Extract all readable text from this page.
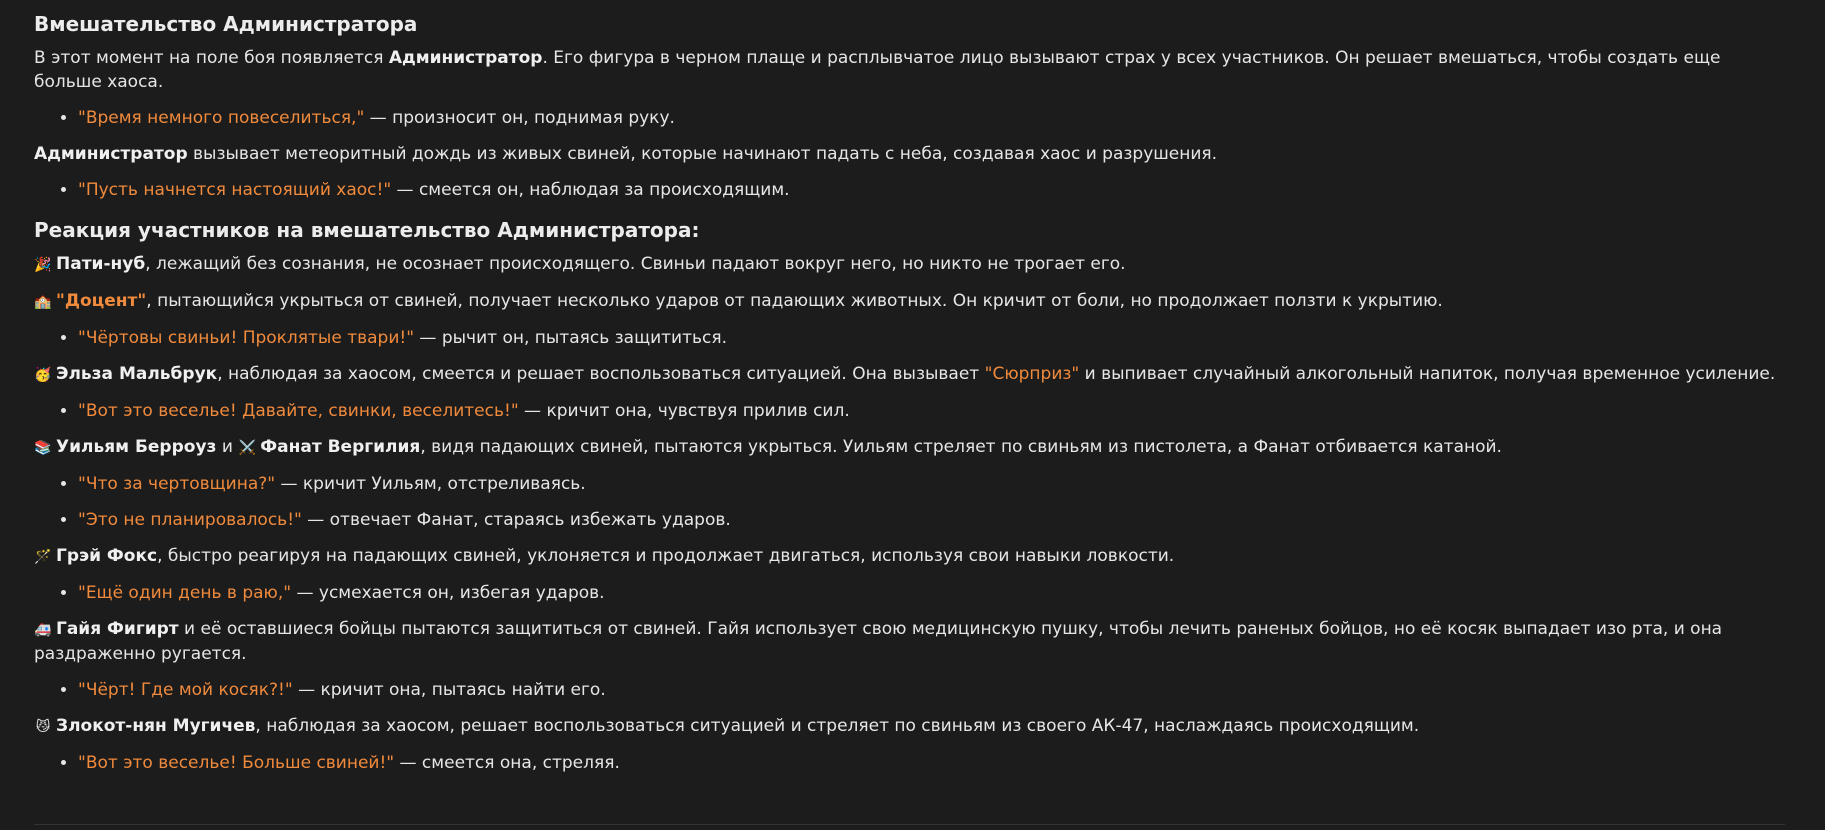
Вмешательство Администратора

В этот момент на поле боя появляется Администратор. Его фигура в черном плаще и расплывчатое лицо вызывают страх у всех участников. Он решает вмешаться, чтобы создать еще больше хаоса.

• "Время немного повеселиться," — произносит он, поднимая руку.

Администратор вызывает метеоритный дождь из живых свиней, которые начинают падать с неба, создавая хаос и разрушения.

• "Пусть начнется настоящий хаос!" — смеется он, наблюдая за происходящим.
Реакция участников на вмешательство Администратора:

🎉 Пати-нуб, лежащий без сознания, не осознает происходящего. Свиньи падают вокруг него, но никто не трогает его.

🏫 "Доцент", пытающийся укрыться от свиней, получает несколько ударов от падающих животных. Он кричит от боли, но продолжает ползти к укрытию.

• "Чёртовы свиньи! Проклятые твари!" — рычит он, пытаясь защититься.

🥳 Эльза Мальбрук, наблюдая за хаосом, смеется и решает воспользоваться ситуацией. Она вызывает "Сюрприз" и выпивает случайный алкогольный напиток, получая временное усиление.

• "Вот это веселье! Давайте, свинки, веселитесь!" — кричит она, чувствуя прилив сил.

📚 Уильям Берроуз и ⚔️ Фанат Вергилия, видя падающих свиней, пытаются укрыться. Уильям стреляет по свиньям из пистолета, а Фанат отбивается катаной.

• "Что за чертовщина?" — кричит Уильям, отстреливаясь.
• "Это не планировалось!" — отвечает Фанат, стараясь избежать ударов.

🪄 Грэй Фокс, быстро реагируя на падающих свиней, уклоняется и продолжает двигаться, используя свои навыки ловкости.

• "Ещё один день в раю," — усмехается он, избегая ударов.

🚑 Гайя Фигирт и её оставшиеся бойцы пытаются защититься от свиней. Гайя использует свою медицинскую пушку, чтобы лечить раненых бойцов, но её косяк выпадает изо рта, и она раздраженно ругается.

• "Чёрт! Где мой косяк?!" — кричит она, пытаясь найти его.

😼 Злокот-нян Мугичев, наблюдая за хаосом, решает воспользоваться ситуацией и стреляет по свиньям из своего АК-47, наслаждаясь происходящим.

• "Вот это веселье! Больше свиней!" — смеется она, стреляя.
